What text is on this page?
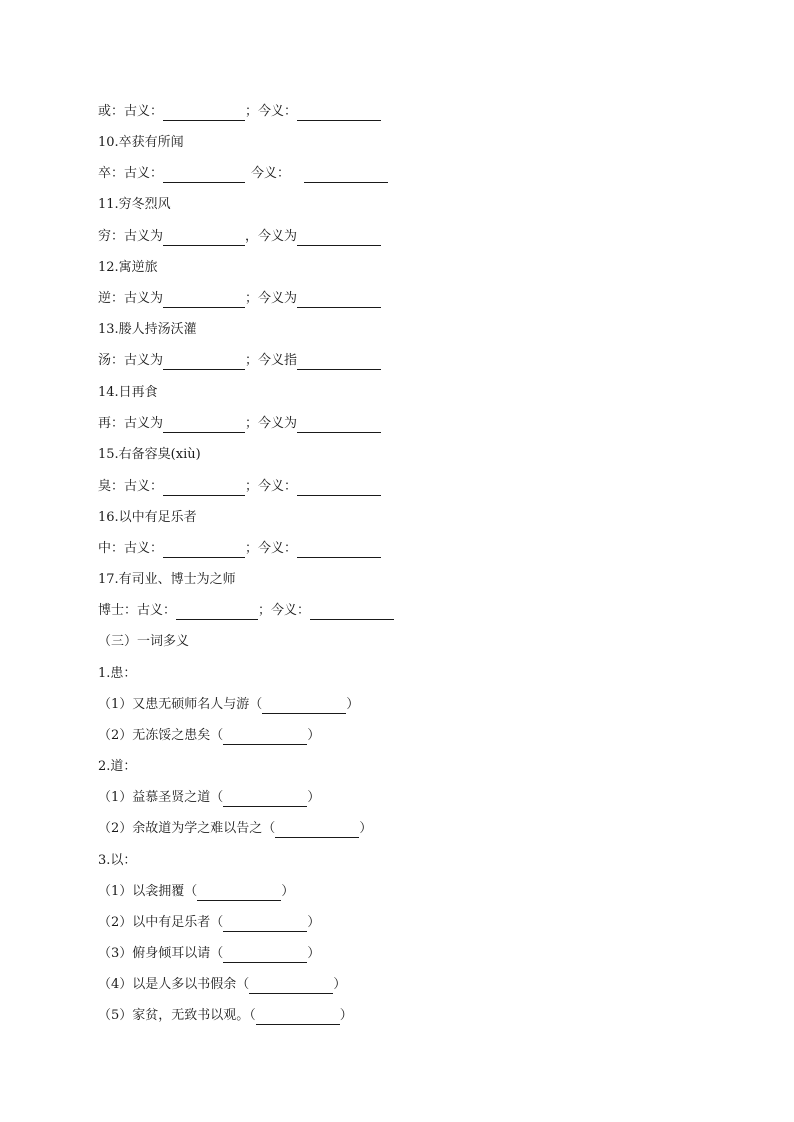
或：古义：	；今义：
10.卒获有所闻
卒：古义：	今义：
11.穷冬烈风
穷：古义为	，今义为
12.寓逆旅
逆：古义为	；今义为
13.媵人持汤沃灌
汤：古义为	；今义指
14.日再食
再：古义为	；今义为
15.右备容臭(xiù)
臭：古义：	；今义：
16.以中有足乐者
中：古义：	；今义：
17.有司业、博士为之师
博士：古义：	；今义：
（三）一词多义
1.患：
（1）又患无硕师名人与游（	）
（2）无冻馁之患矣（	）
2.道：
（1）益慕圣贤之道（	）
（2）余故道为学之难以告之（	）
3.以：
（1）以衾拥覆（	）
（2）以中有足乐者（	）
（3）俯身倾耳以请（	）
（4）以是人多以书假余（	）
（5）家贫，无致书以观。（	）
